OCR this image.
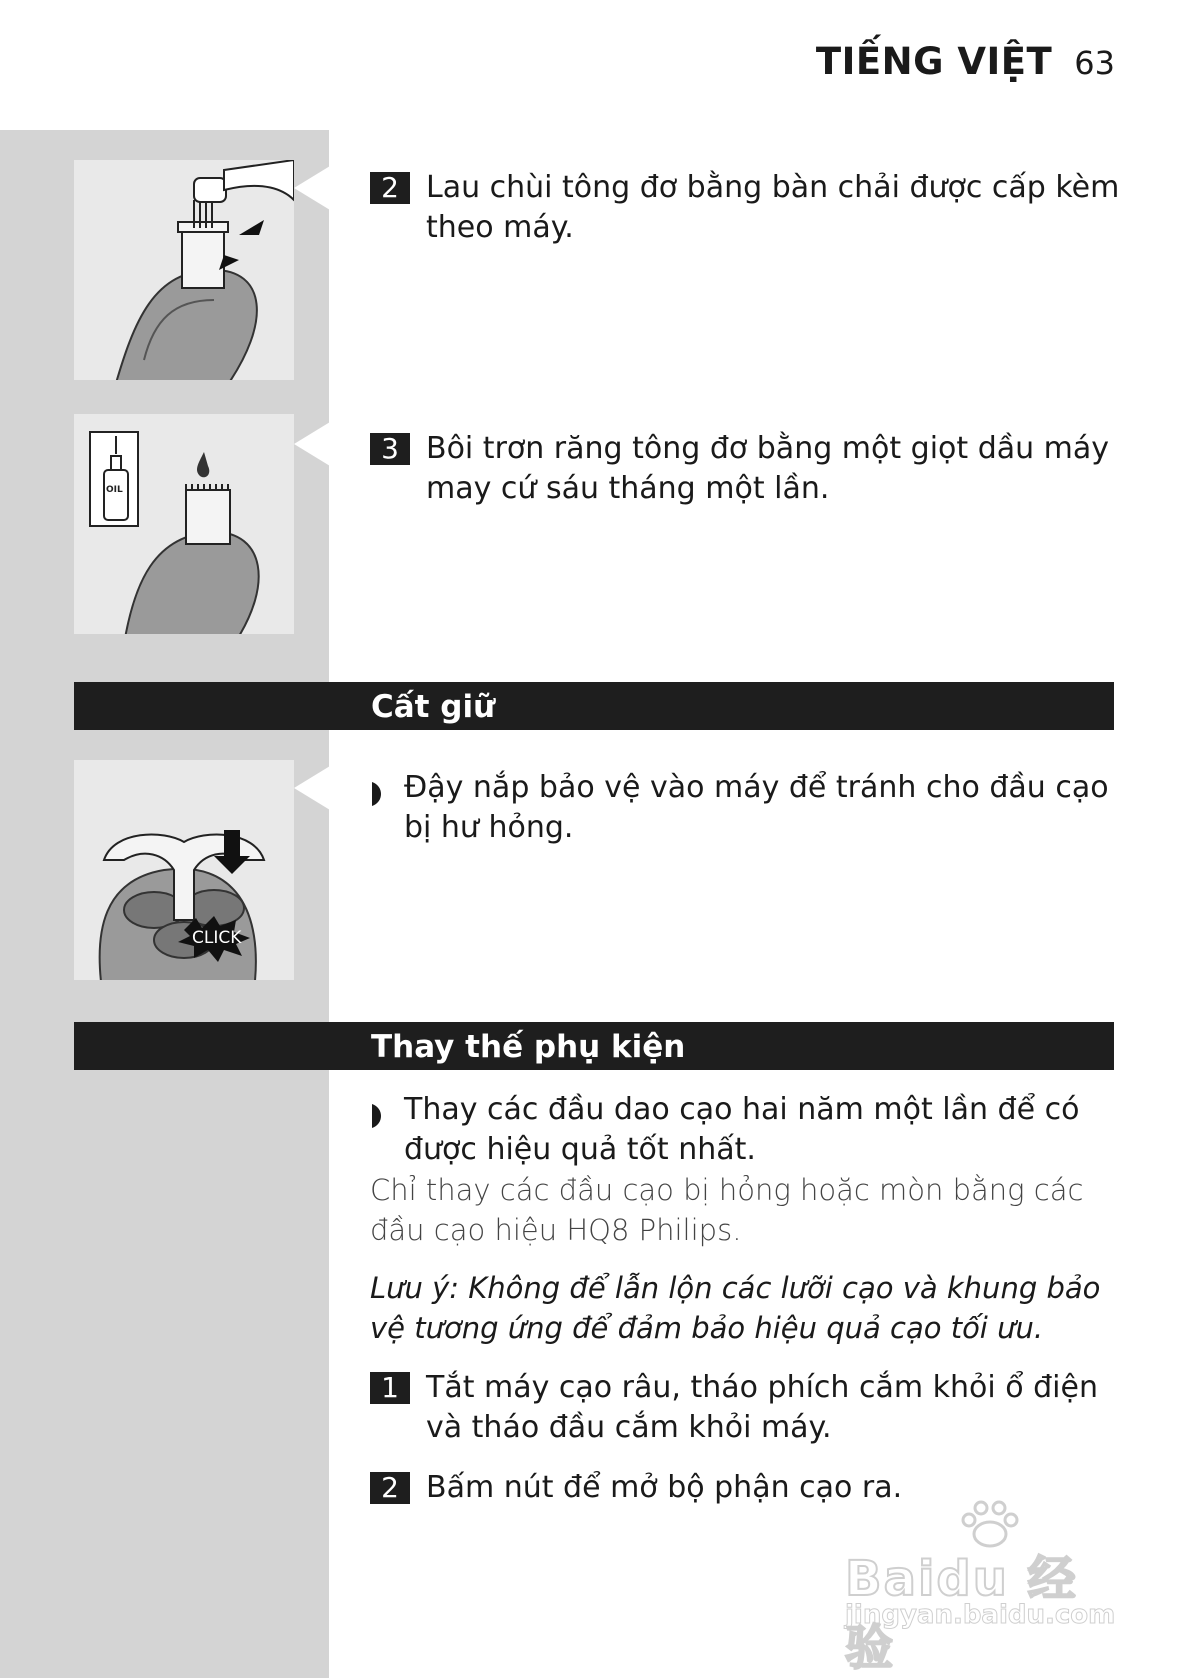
TIẾNG VIỆT 63
OIL
2 Lau chùi tông đơ bằng bàn chải được cấp kèm theo máy.
3 Bôi trơn răng tông đơ bằng một giọt dầu máy may cứ sáu tháng một lần.
Cất giữ
CLICK
Đậy nắp bảo vệ vào máy để tránh cho đầu cạo bị hư hỏng.
Thay thế phụ kiện
Thay các đầu dao cạo hai năm một lần để có được hiệu quả tốt nhất.
Chỉ thay các đầu cạo bị hỏng hoặc mòn bằng các đầu cạo hiệu HQ8 Philips.
Lưu ý: Không để lẫn lộn các lưỡi cạo và khung bảo vệ tương ứng để đảm bảo hiệu quả cạo tối ưu.
1 Tắt máy cạo râu, tháo phích cắm khỏi ổ điện và tháo đầu cắm khỏi máy.
2 Bấm nút để mở bộ phận cạo ra.
Baidu 经验
jingyan.baidu.com
